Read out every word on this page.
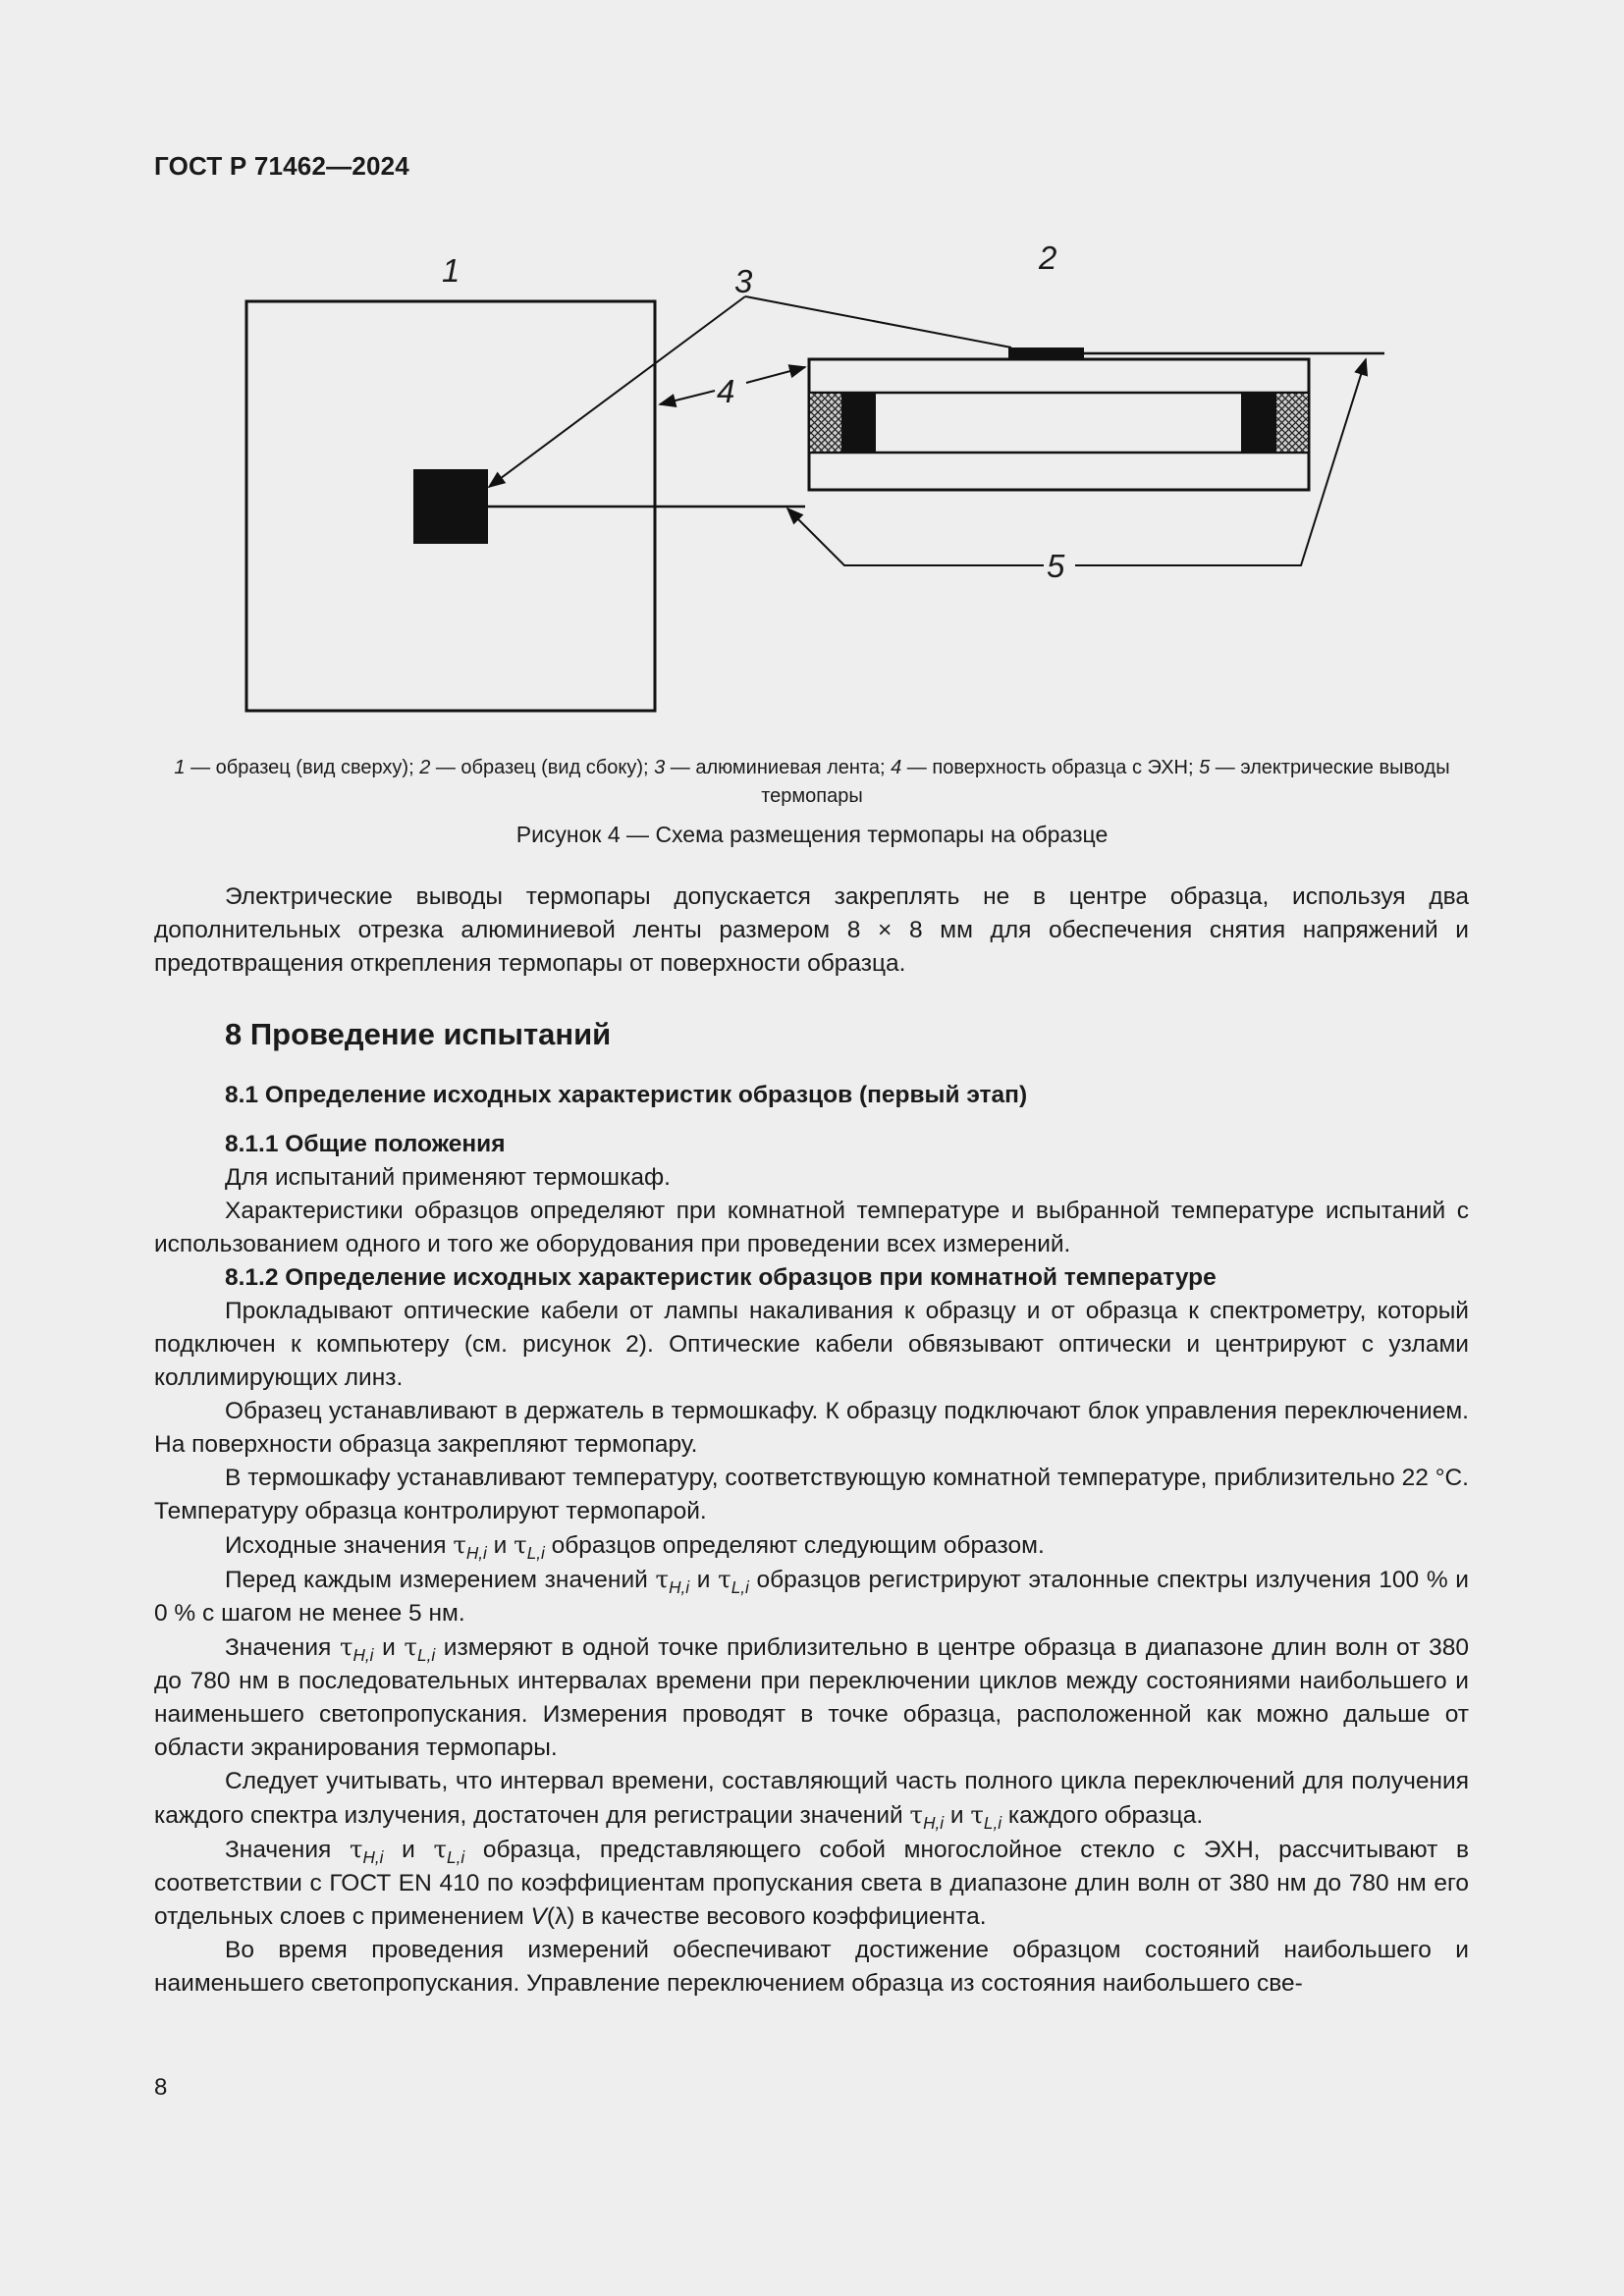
ГОСТ Р 71462—2024
1	2
3
4
5
1 — образец (вид сверху); 2 — образец (вид сбоку); 3 — алюминиевая лента; 4 — поверхность образца с ЭХН; 5 — электрические выводы термопары
Рисунок 4 — Схема размещения термопары на образце

Электрические выводы термопары допускается закреплять не в центре образца, используя два дополнительных отрезка алюминиевой ленты размером 8 × 8 мм для обеспечения снятия напряжений и предотвращения открепления термопары от поверхности образца.

8 Проведение испытаний
8.1 Определение исходных характеристик образцов (первый этап)
8.1.1 Общие положения

Для испытаний применяют термошкаф.

Характеристики образцов определяют при комнатной температуре и выбранной температуре испытаний с использованием одного и того же оборудования при проведении всех измерений.

8.1.2 Определение исходных характеристик образцов при комнатной температуре

Прокладывают оптические кабели от лампы накаливания к образцу и от образца к спектрометру, который подключен к компьютеру (см. рисунок 2). Оптические кабели обвязывают оптически и центрируют с узлами коллимирующих линз.

Образец устанавливают в держатель в термошкафу. К образцу подключают блок управления переключением. На поверхности образца закрепляют термопару.

В термошкафу устанавливают температуру, соответствующую комнатной температуре, приблизительно 22 °C. Температуру образца контролируют термопарой.

Исходные значения $\tau_{H,i}$ и $\tau_{L,i}$ образцов определяют следующим образом.

Перед каждым измерением значений $\tau_{H,i}$ и $\tau_{L,i}$ образцов регистрируют эталонные спектры излучения 100 % и 0 % с шагом не менее 5 нм.

Значения $\tau_{H,i}$ и $\tau_{L,i}$ измеряют в одной точке приблизительно в центре образца в диапазоне длин волн от 380 до 780 нм в последовательных интервалах времени при переключении циклов между состояниями наибольшего и наименьшего светопропускания. Измерения проводят в точке образца, расположенной как можно дальше от области экранирования термопары.

Следует учитывать, что интервал времени, составляющий часть полного цикла переключений для получения каждого спектра излучения, достаточен для регистрации значений $\tau_{H,i}$ и $\tau_{L,i}$ каждого образца.

Значения $\tau_{H,i}$ и $\tau_{L,i}$ образца, представляющего собой многослойное стекло с ЭХН, рассчитывают в соответствии с ГОСТ EN 410 по коэффициентам пропускания света в диапазоне длин волн от 380 нм до 780 нм его отдельных слоев с применением V(λ) в качестве весового коэффициента.

Во время проведения измерений обеспечивают достижение образцом состояний наибольшего и наименьшего светопропускания. Управление переключением образца из состояния наибольшего све-

8
